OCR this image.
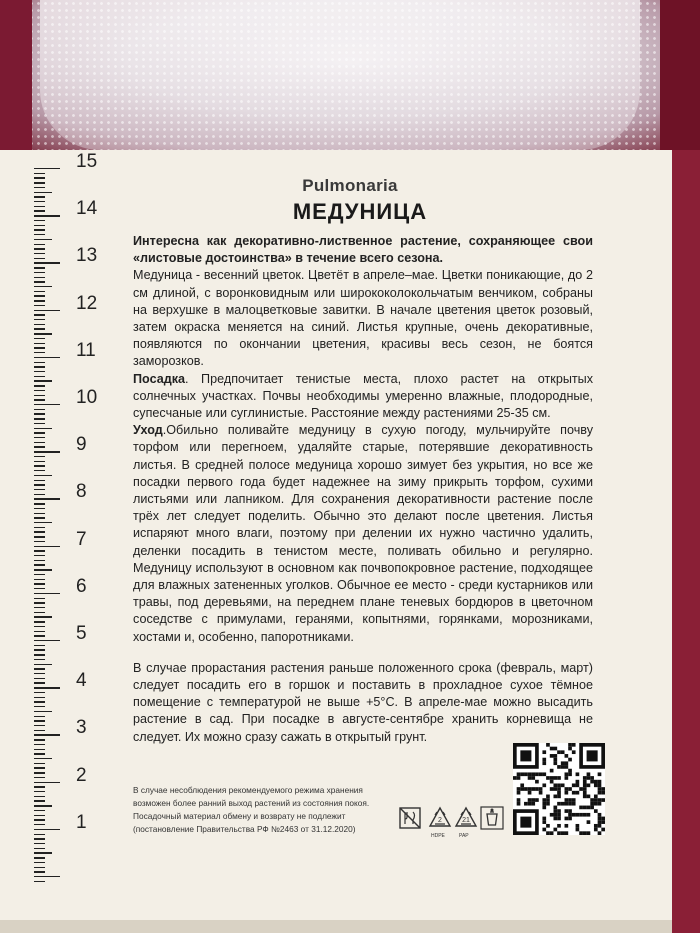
15
14
13
12
11
10
9
8
7
6
5
4
3
2
1
Pulmonaria
МЕДУНИЦА

Интересна как декоративно-лиственное растение, сохраняющее свои «листовые достоинства» в течение всего сезона.

Медуница - весенний цветок. Цветёт в апреле–мае. Цветки поникающие, до 2 см длиной, с воронковидным или ширококолокольчатым венчиком, собраны на верхушке в малоцветковые завитки. В начале цветения цветок розовый, затем окраска меняется на синий. Листья крупные, очень декоративные, появляются по окончании цветения, красивы весь сезон, не боятся заморозков.

Посадка. Предпочитает тенистые места, плохо растет на открытых солнечных участках. Почвы необходимы умеренно влажные, плодородные, супесчаные или суглинистые. Расстояние между растениями 25-35 см.

Уход.Обильно поливайте медуницу в сухую погоду, мульчируйте почву торфом или перегноем, удаляйте старые, потерявшие декоративность листья. В средней полосе медуница хорошо зимует без укрытия, но все же посадки первого года будет надежнее на зиму прикрыть торфом, сухими листьями или лапником. Для сохранения декоративности растение после трёх лет следует поделить. Обычно это делают после цветения. Листья испаряют много влаги, поэтому при делении их нужно частично удалить, деленки посадить в тенистом месте, поливать обильно и регулярно. Медуницу используют в основном как почвопокровное растение, подходящее для влажных затененных уголков. Обычное ее место - среди кустарников или травы, под деревьями, на переднем плане теневых бордюров в цветочном соседстве с примулами, геранями, копытнями, горянками, морозниками, хостами и, особенно, папоротниками.

В случае прорастания растения раньше положенного срока (февраль, март) следует посадить его в горшок и поставить в прохладное сухое тёмное помещение с температурой не выше +5°С. В апреле-мае можно высадить растение в сад. При посадке в августе-сентябре хранить корневища не следует. Их можно сразу сажать в открытый грунт.

В случае несоблюдения рекомендуемого режима хранения
возможен более ранний выход растений из состояния покоя.
Посадочный материал обмену и возврату не подлежит
(постановление Правительства РФ №2463 от 31.12.2020)
2
HDPE
21
PAP
